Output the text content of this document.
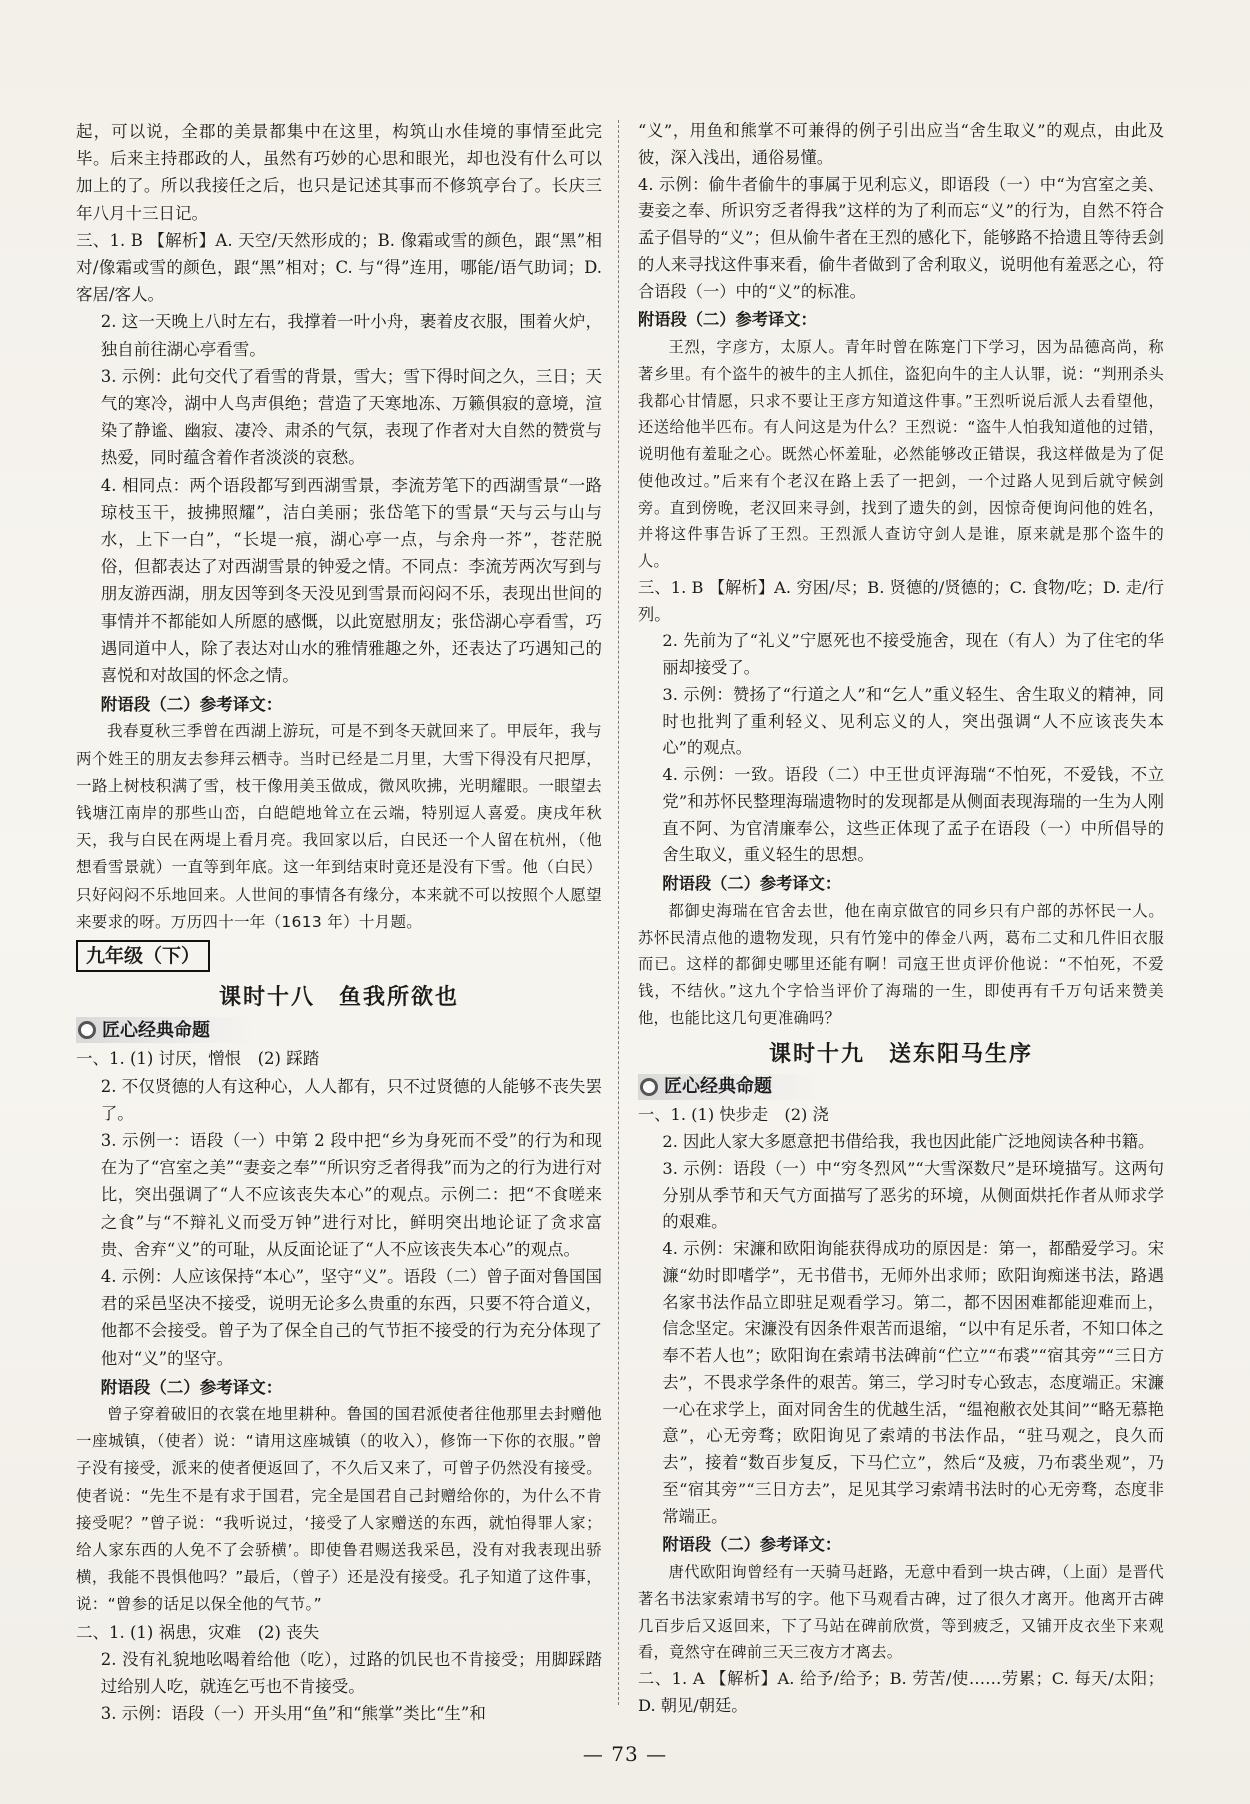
起，可以说，全郡的美景都集中在这里，构筑山水佳境的事情至此完毕。后来主持郡政的人，虽然有巧妙的心思和眼光，却也没有什么可以加上的了。所以我接任之后，也只是记述其事而不修筑亭台了。长庆三年八月十三日记。

三、1. B 【解析】A. 天空/天然形成的；B. 像霜或雪的颜色，跟“黑”相对/像霜或雪的颜色，跟“黑”相对；C. 与“得”连用，哪能/语气助词；D. 客居/客人。

2. 这一天晚上八时左右，我撑着一叶小舟，裹着皮衣服，围着火炉，独自前往湖心亭看雪。

3. 示例：此句交代了看雪的背景，雪大；雪下得时间之久，三日；天气的寒冷，湖中人鸟声俱绝；营造了天寒地冻、万籁俱寂的意境，渲染了静谧、幽寂、凄冷、肃杀的气氛，表现了作者对大自然的赞赏与热爱，同时蕴含着作者淡淡的哀愁。

4. 相同点：两个语段都写到西湖雪景，李流芳笔下的西湖雪景“一路琼枝玉干，披拂照耀”，洁白美丽；张岱笔下的雪景“天与云与山与水，上下一白”，“长堤一痕，湖心亭一点，与余舟一芥”，苍茫脱俗，但都表达了对西湖雪景的钟爱之情。不同点：李流芳两次写到与朋友游西湖，朋友因等到冬天没见到雪景而闷闷不乐，表现出世间的事情并不都能如人所愿的感慨，以此宽慰朋友；张岱湖心亭看雪，巧遇同道中人，除了表达对山水的雅情雅趣之外，还表达了巧遇知己的喜悦和对故国的怀念之情。

附语段（二）参考译文：

我春夏秋三季曾在西湖上游玩，可是不到冬天就回来了。甲辰年，我与两个姓王的朋友去参拜云栖寺。当时已经是二月里，大雪下得没有尺把厚，一路上树枝积满了雪，枝干像用美玉做成，微风吹拂，光明耀眼。一眼望去钱塘江南岸的那些山峦，白皑皑地耸立在云端，特别逗人喜爱。庚戌年秋天，我与白民在两堤上看月亮。我回家以后，白民还一个人留在杭州，（他想看雪景就）一直等到年底。这一年到结束时竟还是没有下雪。他（白民）只好闷闷不乐地回来。人世间的事情各有缘分，本来就不可以按照个人愿望来要求的呀。万历四十一年（1613 年）十月题。

九年级（下）
课时十八　鱼我所欲也
匠心经典命题

一、1. (1) 讨厌，憎恨　(2) 踩踏

2. 不仅贤德的人有这种心，人人都有，只不过贤德的人能够不丧失罢了。

3. 示例一：语段（一）中第 2 段中把“乡为身死而不受”的行为和现在为了“宫室之美”“妻妾之奉”“所识穷乏者得我”而为之的行为进行对比，突出强调了“人不应该丧失本心”的观点。示例二：把“不食嗟来之食”与“不辩礼义而受万钟”进行对比，鲜明突出地论证了贪求富贵、舍弃“义”的可耻，从反面论证了“人不应该丧失本心”的观点。

4. 示例：人应该保持“本心”，坚守“义”。语段（二）曾子面对鲁国国君的采邑坚决不接受，说明无论多么贵重的东西，只要不符合道义，他都不会接受。曾子为了保全自己的气节拒不接受的行为充分体现了他对“义”的坚守。

附语段（二）参考译文：

曾子穿着破旧的衣裳在地里耕种。鲁国的国君派使者往他那里去封赠他一座城镇，（使者）说：“请用这座城镇（的收入），修饰一下你的衣服。”曾子没有接受，派来的使者便返回了，不久后又来了，可曾子仍然没有接受。使者说：“先生不是有求于国君，完全是国君自己封赠给你的，为什么不肯接受呢？”曾子说：“我听说过，‘接受了人家赠送的东西，就怕得罪人家；给人家东西的人免不了会骄横’。即使鲁君赐送我采邑，没有对我表现出骄横，我能不畏惧他吗？”最后，（曾子）还是没有接受。孔子知道了这件事，说：“曾参的话足以保全他的气节。”

二、1. (1) 祸患，灾难　(2) 丧失

2. 没有礼貌地吆喝着给他（吃），过路的饥民也不肯接受；用脚踩踏过给别人吃，就连乞丐也不肯接受。

3. 示例：语段（一）开头用“鱼”和“熊掌”类比“生”和

“义”，用鱼和熊掌不可兼得的例子引出应当“舍生取义”的观点，由此及彼，深入浅出，通俗易懂。

4. 示例：偷牛者偷牛的事属于见利忘义，即语段（一）中“为宫室之美、妻妾之奉、所识穷乏者得我”这样的为了利而忘“义”的行为，自然不符合孟子倡导的“义”；但从偷牛者在王烈的感化下，能够路不拾遗且等待丢剑的人来寻找这件事来看，偷牛者做到了舍利取义，说明他有羞恶之心，符合语段（一）中的“义”的标准。

附语段（二）参考译文：

王烈，字彦方，太原人。青年时曾在陈寔门下学习，因为品德高尚，称著乡里。有个盗牛的被牛的主人抓住，盗犯向牛的主人认罪，说：“判刑杀头我都心甘情愿，只求不要让王彦方知道这件事。”王烈听说后派人去看望他，还送给他半匹布。有人问这是为什么？王烈说：“盗牛人怕我知道他的过错，说明他有羞耻之心。既然心怀羞耻，必然能够改正错误，我这样做是为了促使他改过。”后来有个老汉在路上丢了一把剑，一个过路人见到后就守候剑旁。直到傍晚，老汉回来寻剑，找到了遗失的剑，因惊奇便询问他的姓名，并将这件事告诉了王烈。王烈派人查访守剑人是谁，原来就是那个盗牛的人。

三、1. B 【解析】A. 穷困/尽；B. 贤德的/贤德的；C. 食物/吃；D. 走/行列。

2. 先前为了“礼义”宁愿死也不接受施舍，现在（有人）为了住宅的华丽却接受了。

3. 示例：赞扬了“行道之人”和“乞人”重义轻生、舍生取义的精神，同时也批判了重利轻义、见利忘义的人，突出强调“人不应该丧失本心”的观点。

4. 示例：一致。语段（二）中王世贞评海瑞“不怕死，不爱钱，不立党”和苏怀民整理海瑞遗物时的发现都是从侧面表现海瑞的一生为人刚直不阿、为官清廉奉公，这些正体现了孟子在语段（一）中所倡导的舍生取义，重义轻生的思想。

附语段（二）参考译文：

都御史海瑞在官舍去世，他在南京做官的同乡只有户部的苏怀民一人。苏怀民清点他的遗物发现，只有竹笼中的俸金八两，葛布二丈和几件旧衣服而已。这样的都御史哪里还能有啊！司寇王世贞评价他说：“不怕死，不爱钱，不结伙。”这九个字恰当评价了海瑞的一生，即使再有千万句话来赞美他，也能比这几句更准确吗？

课时十九　送东阳马生序
匠心经典命题

一、1. (1) 快步走　(2) 浇

2. 因此人家大多愿意把书借给我，我也因此能广泛地阅读各种书籍。

3. 示例：语段（一）中“穷冬烈风”“大雪深数尺”是环境描写。这两句分别从季节和天气方面描写了恶劣的环境，从侧面烘托作者从师求学的艰难。

4. 示例：宋濂和欧阳询能获得成功的原因是：第一，都酷爱学习。宋濂“幼时即嗜学”，无书借书，无师外出求师；欧阳询痴迷书法，路遇名家书法作品立即驻足观看学习。第二，都不因困难都能迎难而上，信念坚定。宋濂没有因条件艰苦而退缩，“以中有足乐者，不知口体之奉不若人也”；欧阳询在索靖书法碑前“伫立”“布裘”“宿其旁”“三日方去”，不畏求学条件的艰苦。第三，学习时专心致志，态度端正。宋濂一心在求学上，面对同舍生的优越生活，“缊袍敝衣处其间”“略无慕艳意”，心无旁骛；欧阳询见了索靖的书法作品，“驻马观之，良久而去”，接着“数百步复反，下马伫立”，然后“及疲，乃布裘坐观”，乃至“宿其旁”“三日方去”，足见其学习索靖书法时的心无旁骛，态度非常端正。

附语段（二）参考译文：

唐代欧阳询曾经有一天骑马赶路，无意中看到一块古碑，（上面）是晋代著名书法家索靖书写的字。他下马观看古碑，过了很久才离开。他离开古碑几百步后又返回来，下了马站在碑前欣赏，等到疲乏，又铺开皮衣坐下来观看，竟然守在碑前三天三夜方才离去。

二、1. A 【解析】A. 给予/给予；B. 劳苦/使……劳累；C. 每天/太阳；D. 朝见/朝廷。

— 73 —
